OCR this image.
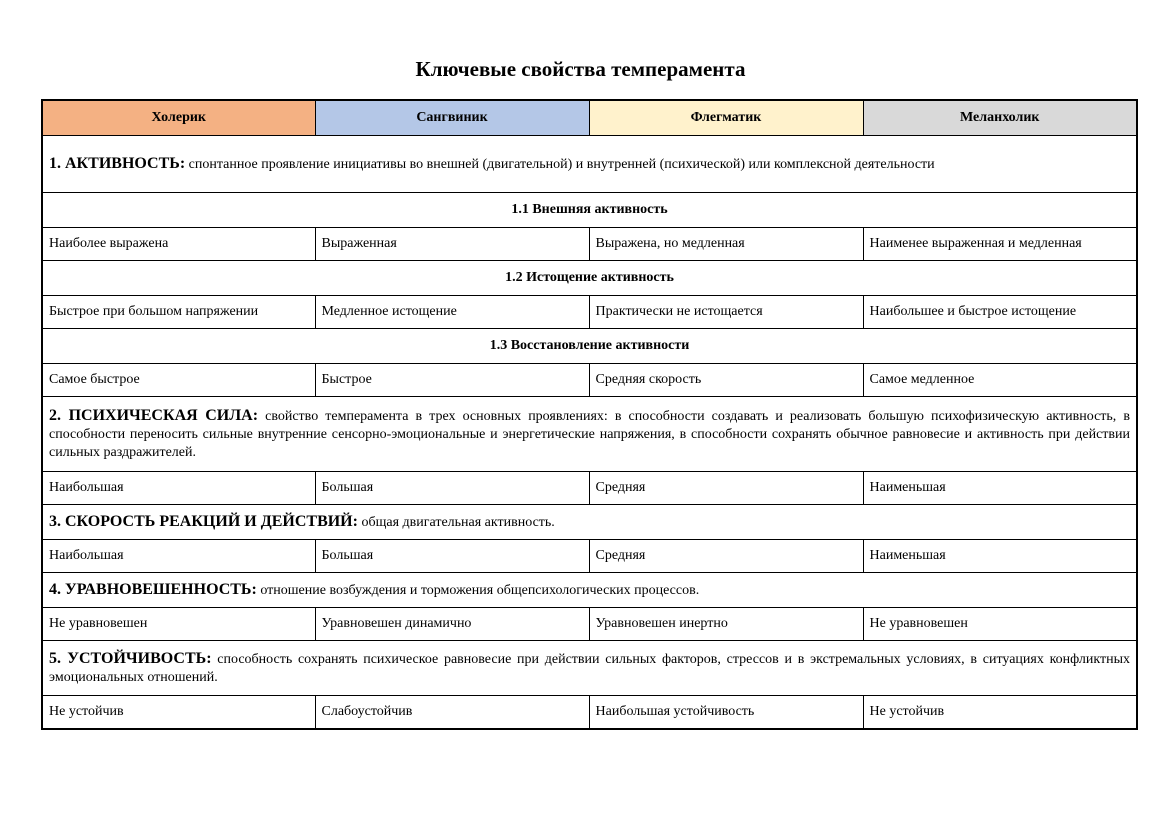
Ключевые свойства темперамента
Холерик	Сангвиник	Флегматик	Меланхолик
1. АКТИВНОСТЬ: спонтанное проявление инициативы во внешней (двигательной) и внутренней (психической) или комплексной деятельности			
1.1 Внешняя активность			
Наиболее выражена	Выраженная	Выражена, но медленная	Наименее выраженная и медленная
1.2 Истощение активность			
Быстрое при большом напряжении	Медленное истощение	Практически не истощается	Наибольшее и быстрое истощение
1.3 Восстановление активности			
Самое быстрое	Быстрое	Средняя скорость	Самое медленное
2. ПСИХИЧЕСКАЯ СИЛА: свойство темперамента в трех основных проявлениях: в способности создавать и реализовать большую психофизическую активность, в способности переносить сильные внутренние сенсорно-эмоциональные и энергетические напряжения, в способности сохранять обычное равновесие и активность при действии сильных раздражителей.			
Наибольшая	Большая	Средняя	Наименьшая
3. СКОРОСТЬ РЕАКЦИЙ И ДЕЙСТВИЙ: общая двигательная активность.			
Наибольшая	Большая	Средняя	Наименьшая
4. УРАВНОВЕШЕННОСТЬ: отношение возбуждения и торможения общепсихологических процессов.			
Не уравновешен	Уравновешен динамично	Уравновешен инертно	Не уравновешен
5. УСТОЙЧИВОСТЬ: способность сохранять психическое равновесие при действии сильных факторов, стрессов и в экстремальных условиях, в ситуациях конфликтных эмоциональных отношений.			
Не устойчив	Слабоустойчив	Наибольшая устойчивость	Не устойчив
